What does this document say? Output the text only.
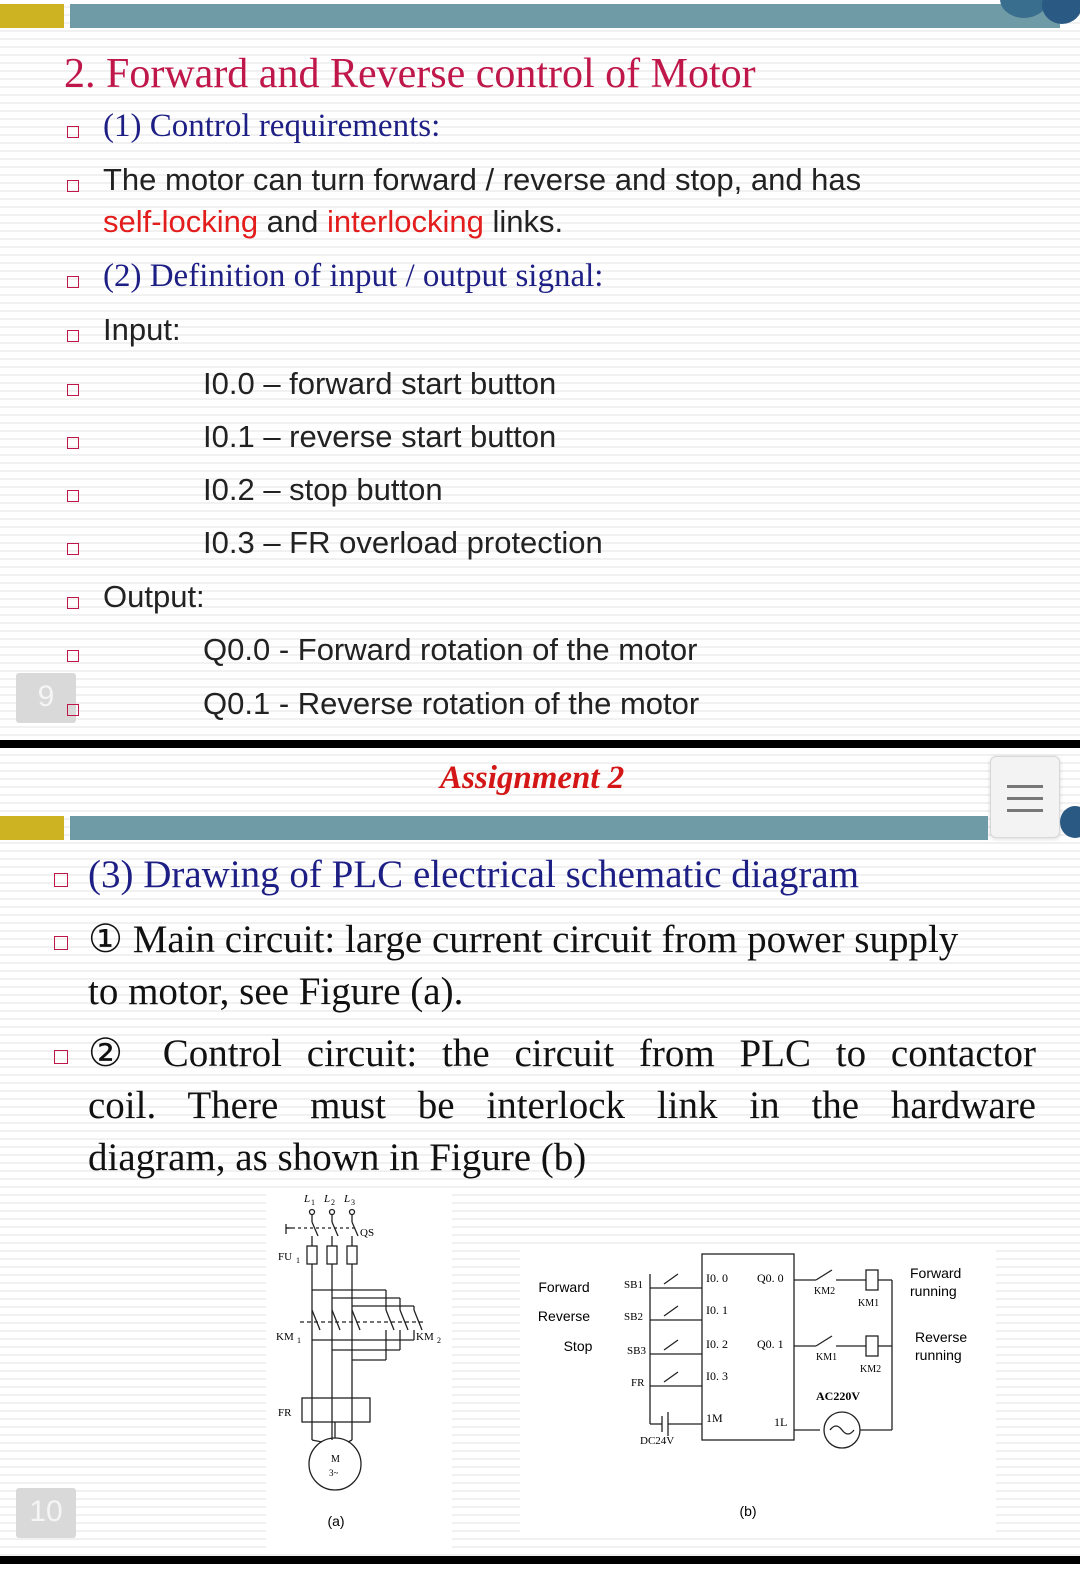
2. Forward and Reverse control of Motor
(1) Control requirements:
The motor can turn forward / reverse and stop, and has
self-locking and interlocking links.
(2) Definition of input / output signal:
Input:
I0.0 – forward start button
I0.1 – reverse start button
I0.2 – stop button
I0.3 – FR overload protection
Output:
Q0.0 - Forward rotation of the motor
9	Q0.1 - Reverse rotation of the motor
Assignment 2
(3) Drawing of PLC electrical schematic diagram
① Main circuit: large current circuit from power supply
to motor, see Figure (a).
② Control circuit: the circuit from PLC to contactor
coil. There must be interlock link in the hardware
diagram, as shown in Figure (b)
L 1 L 2 L 3
QS
FU 1
KM 1	KM 2
FR
M
3~
(a)
Forward
Reverse
Stop
SB1
SB2
SB3
FR
DC24V
I0. 0
I0. 1
I0. 2
I0. 3
Q0. 0
Q0. 1
1M	1L
KM2
KM1
KM1
KM2
AC220V
Forward
running
Reverse
running
(b)
10
